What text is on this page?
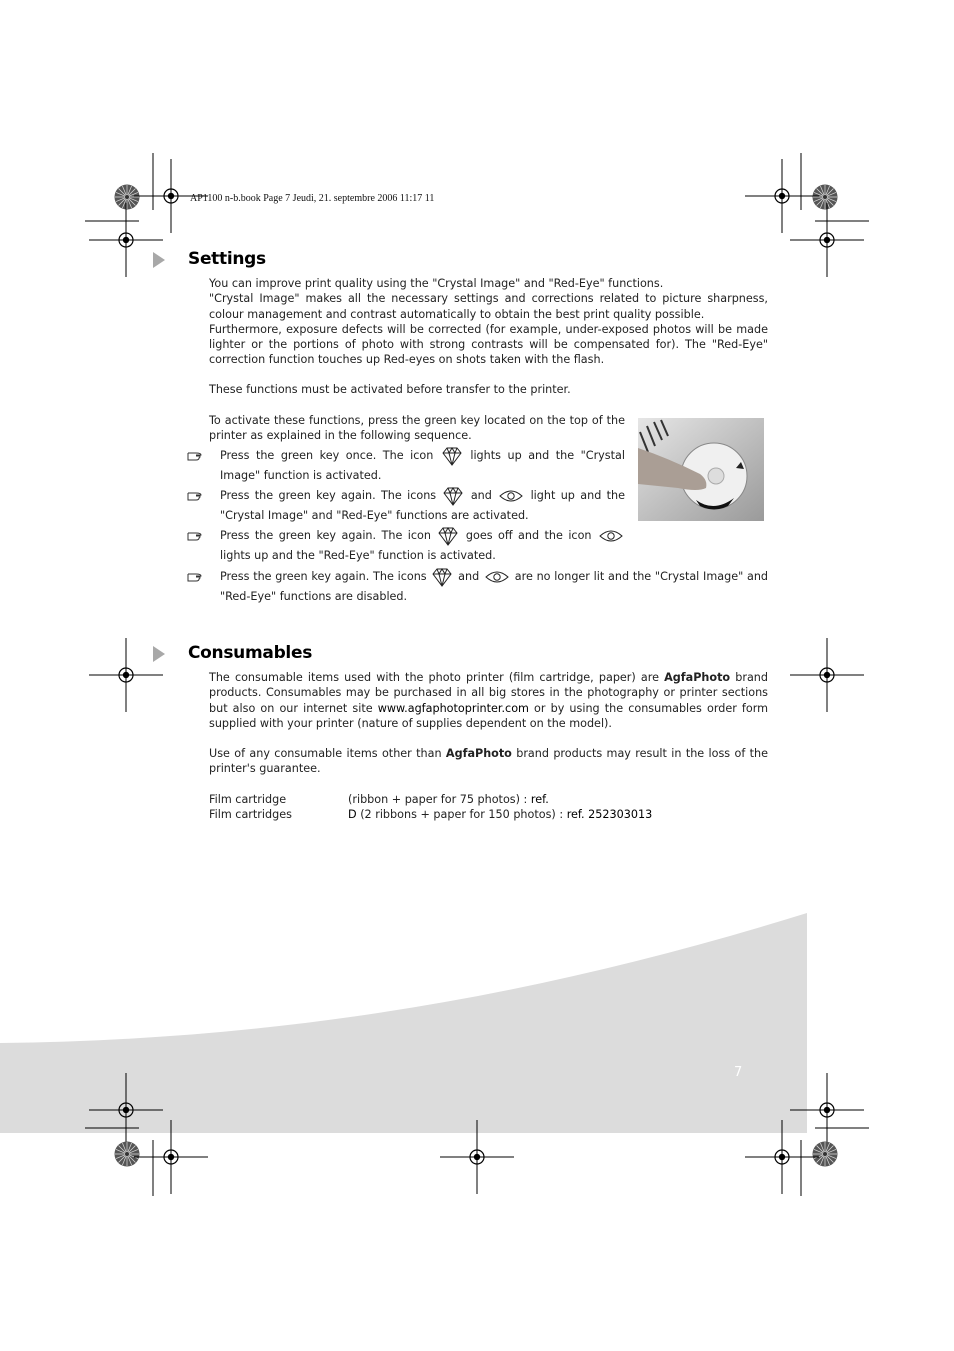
AP1100 n-b.book Page 7 Jeudi, 21. septembre 2006 11:17 11
Settings

You can improve print quality using the "Crystal Image" and "Red-Eye" functions.

"Crystal Image" makes all the necessary settings and corrections related to picture sharpness, colour management and contrast automatically to obtain the best print quality possible.

Furthermore, exposure defects will be corrected (for example, under-exposed photos will be made lighter or the portions of photo with strong contrasts will be compensated for). The "Red-Eye" correction function touches up Red-eyes on shots taken with the flash.

These functions must be activated before transfer to the printer.
To activate these functions, press the green key located on the top of the printer as explained in the following sequence.
Press the green key once. The icon	lights up and the "Crystal Image" function is activated.
Press the green key again. The icons	and	light up and the "Crystal Image" and "Red-Eye" functions are activated.
Press the green key again. The icon	goes off and the icon  lights up and the "Red-Eye" function is activated.
Press the green key again. The icons	and	are no longer lit and the "Crystal Image" and "Red-Eye" functions are disabled.
Consumables
The consumable items used with the photo printer (film cartridge, paper) are AgfaPhoto brand products. Consumables may be purchased in all big stores in the photography or printer sections but also on our internet site www.agfaphotoprinter.com or by using the consumables order form supplied with your printer (nature of supplies dependent on the model).
Use of any consumable items other than AgfaPhoto brand products may result in the loss of the printer's guarantee.
Film cartridge	(ribbon + paper for 75 photos) : ref.
Film cartridges	D (2 ribbons + paper for 150 photos) : ref. 252303013
7
